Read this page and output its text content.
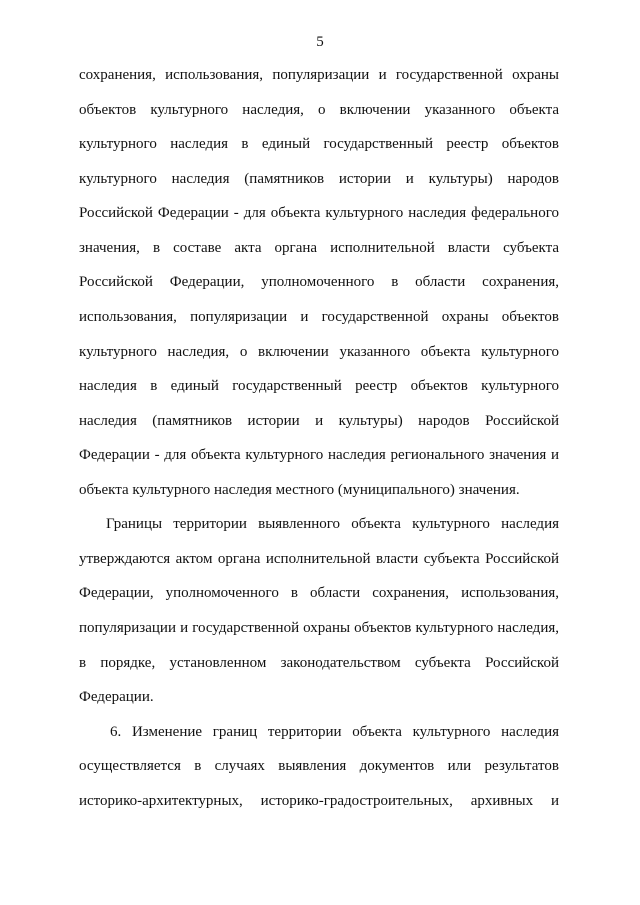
5
сохранения, использования, популяризации и государственной охраны
объектов культурного наследия, о включении указанного объекта
культурного наследия в единый государственный реестр объектов
культурного наследия (памятников истории и культуры) народов
Российской Федерации - для объекта культурного наследия федерального
значения, в составе акта органа исполнительной власти субъекта
Российской Федерации, уполномоченного в области сохранения,
использования, популяризации и государственной охраны объектов
культурного наследия, о включении указанного объекта культурного
наследия в единый государственный реестр объектов культурного
наследия (памятников истории и культуры) народов Российской
Федерации - для объекта культурного наследия регионального значения и
объекта культурного наследия местного (муниципального) значения.
Границы территории выявленного объекта культурного наследия
утверждаются актом органа исполнительной власти субъекта Российской
Федерации, уполномоченного в области сохранения, использования,
популяризации и государственной охраны объектов культурного наследия,
в порядке, установленном законодательством субъекта Российской
Федерации.
6. Изменение границ территории объекта культурного наследия
осуществляется в случаях выявления документов или результатов
историко-архитектурных, историко-градостроительных, архивных и
